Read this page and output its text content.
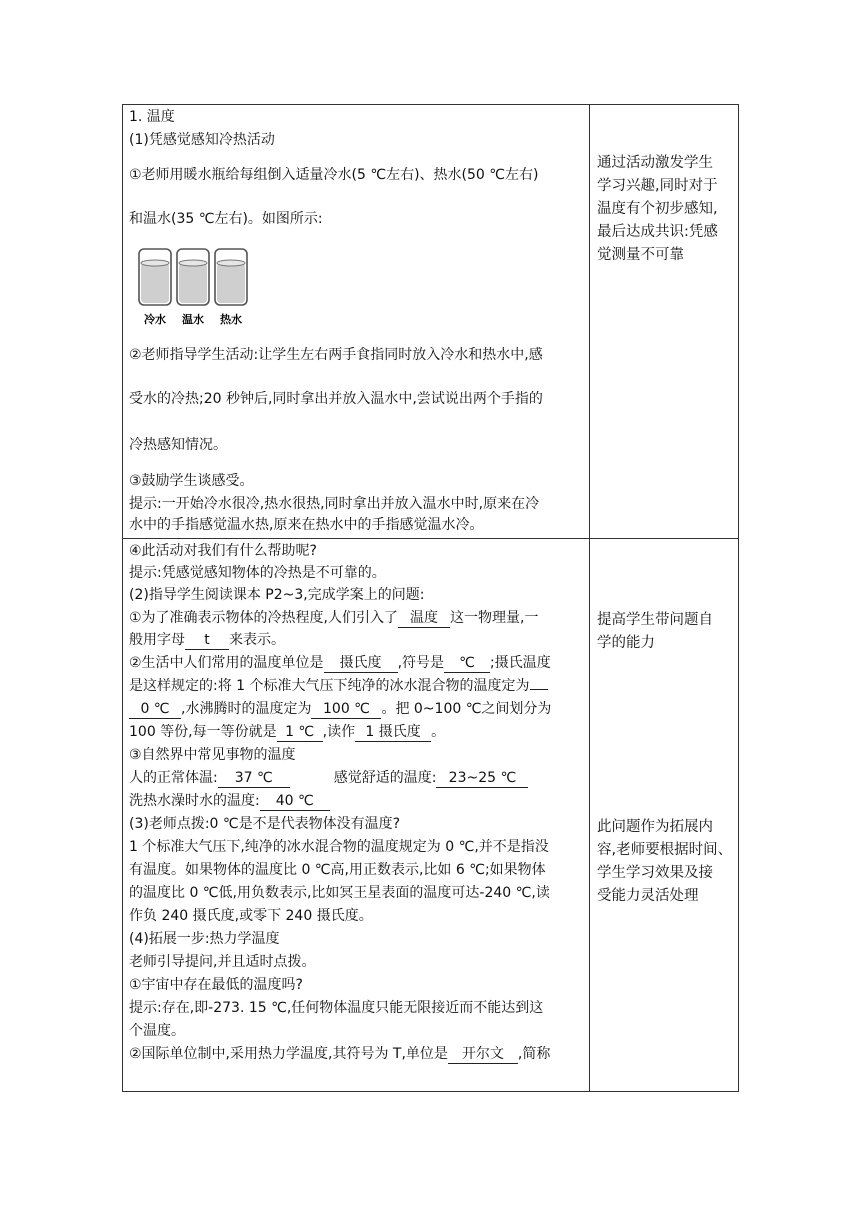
1. 温度
(1)凭感觉感知冷热活动
①老师用暖水瓶给每组倒入适量冷水(5 ℃左右)、热水(50 ℃左右)
和温水(35 ℃左右)。如图所示:
冷水 温水 热水
②老师指导学生活动:让学生左右两手食指同时放入冷水和热水中,感
受水的冷热;20 秒钟后,同时拿出并放入温水中,尝试说出两个手指的
冷热感知情况。
③鼓励学生谈感受。
提示:一开始冷水很冷,热水很热,同时拿出并放入温水中时,原来在冷
水中的手指感觉温水热,原来在热水中的手指感觉温水冷。
通过活动激发学生
学习兴趣,同时对于
温度有个初步感知,
最后达成共识:凭感
觉测量不可靠
④此活动对我们有什么帮助呢?
提示:凭感觉感知物体的冷热是不可靠的。
(2)指导学生阅读课本 P2~3,完成学案上的问题:
①为了准确表示物体的冷热程度,人们引入了 温度 这一物理量,一
般用字母 t 来表示。
②生活中人们常用的温度单位是 摄氏度 ,符号是 ℃ ;摄氏温度
是这样规定的:将 1 个标准大气压下纯净的冰水混合物的温度定为
0 ℃ ,水沸腾时的温度定为 100 ℃ 。把 0~100 ℃之间划分为
100 等份,每一等份就是 1 ℃ ,读作 1 摄氏度 。
③自然界中常见事物的温度
人的正常体温: 37 ℃	感觉舒适的温度: 23~25 ℃
洗热水澡时水的温度: 40 ℃
(3)老师点拨:0 ℃是不是代表物体没有温度?
1 个标准大气压下,纯净的冰水混合物的温度规定为 0 ℃,并不是指没
有温度。如果物体的温度比 0 ℃高,用正数表示,比如 6 ℃;如果物体
的温度比 0 ℃低,用负数表示,比如冥王星表面的温度可达-240 ℃,读
作负 240 摄氏度,或零下 240 摄氏度。
(4)拓展一步:热力学温度
老师引导提问,并且适时点拨。
①宇宙中存在最低的温度吗?
提示:存在,即-273. 15 ℃,任何物体温度只能无限接近而不能达到这
个温度。
②国际单位制中,采用热力学温度,其符号为 T,单位是 开尔文 ,简称
提高学生带问题自
学的能力
此问题作为拓展内
容,老师要根据时间、
学生学习效果及接
受能力灵活处理
